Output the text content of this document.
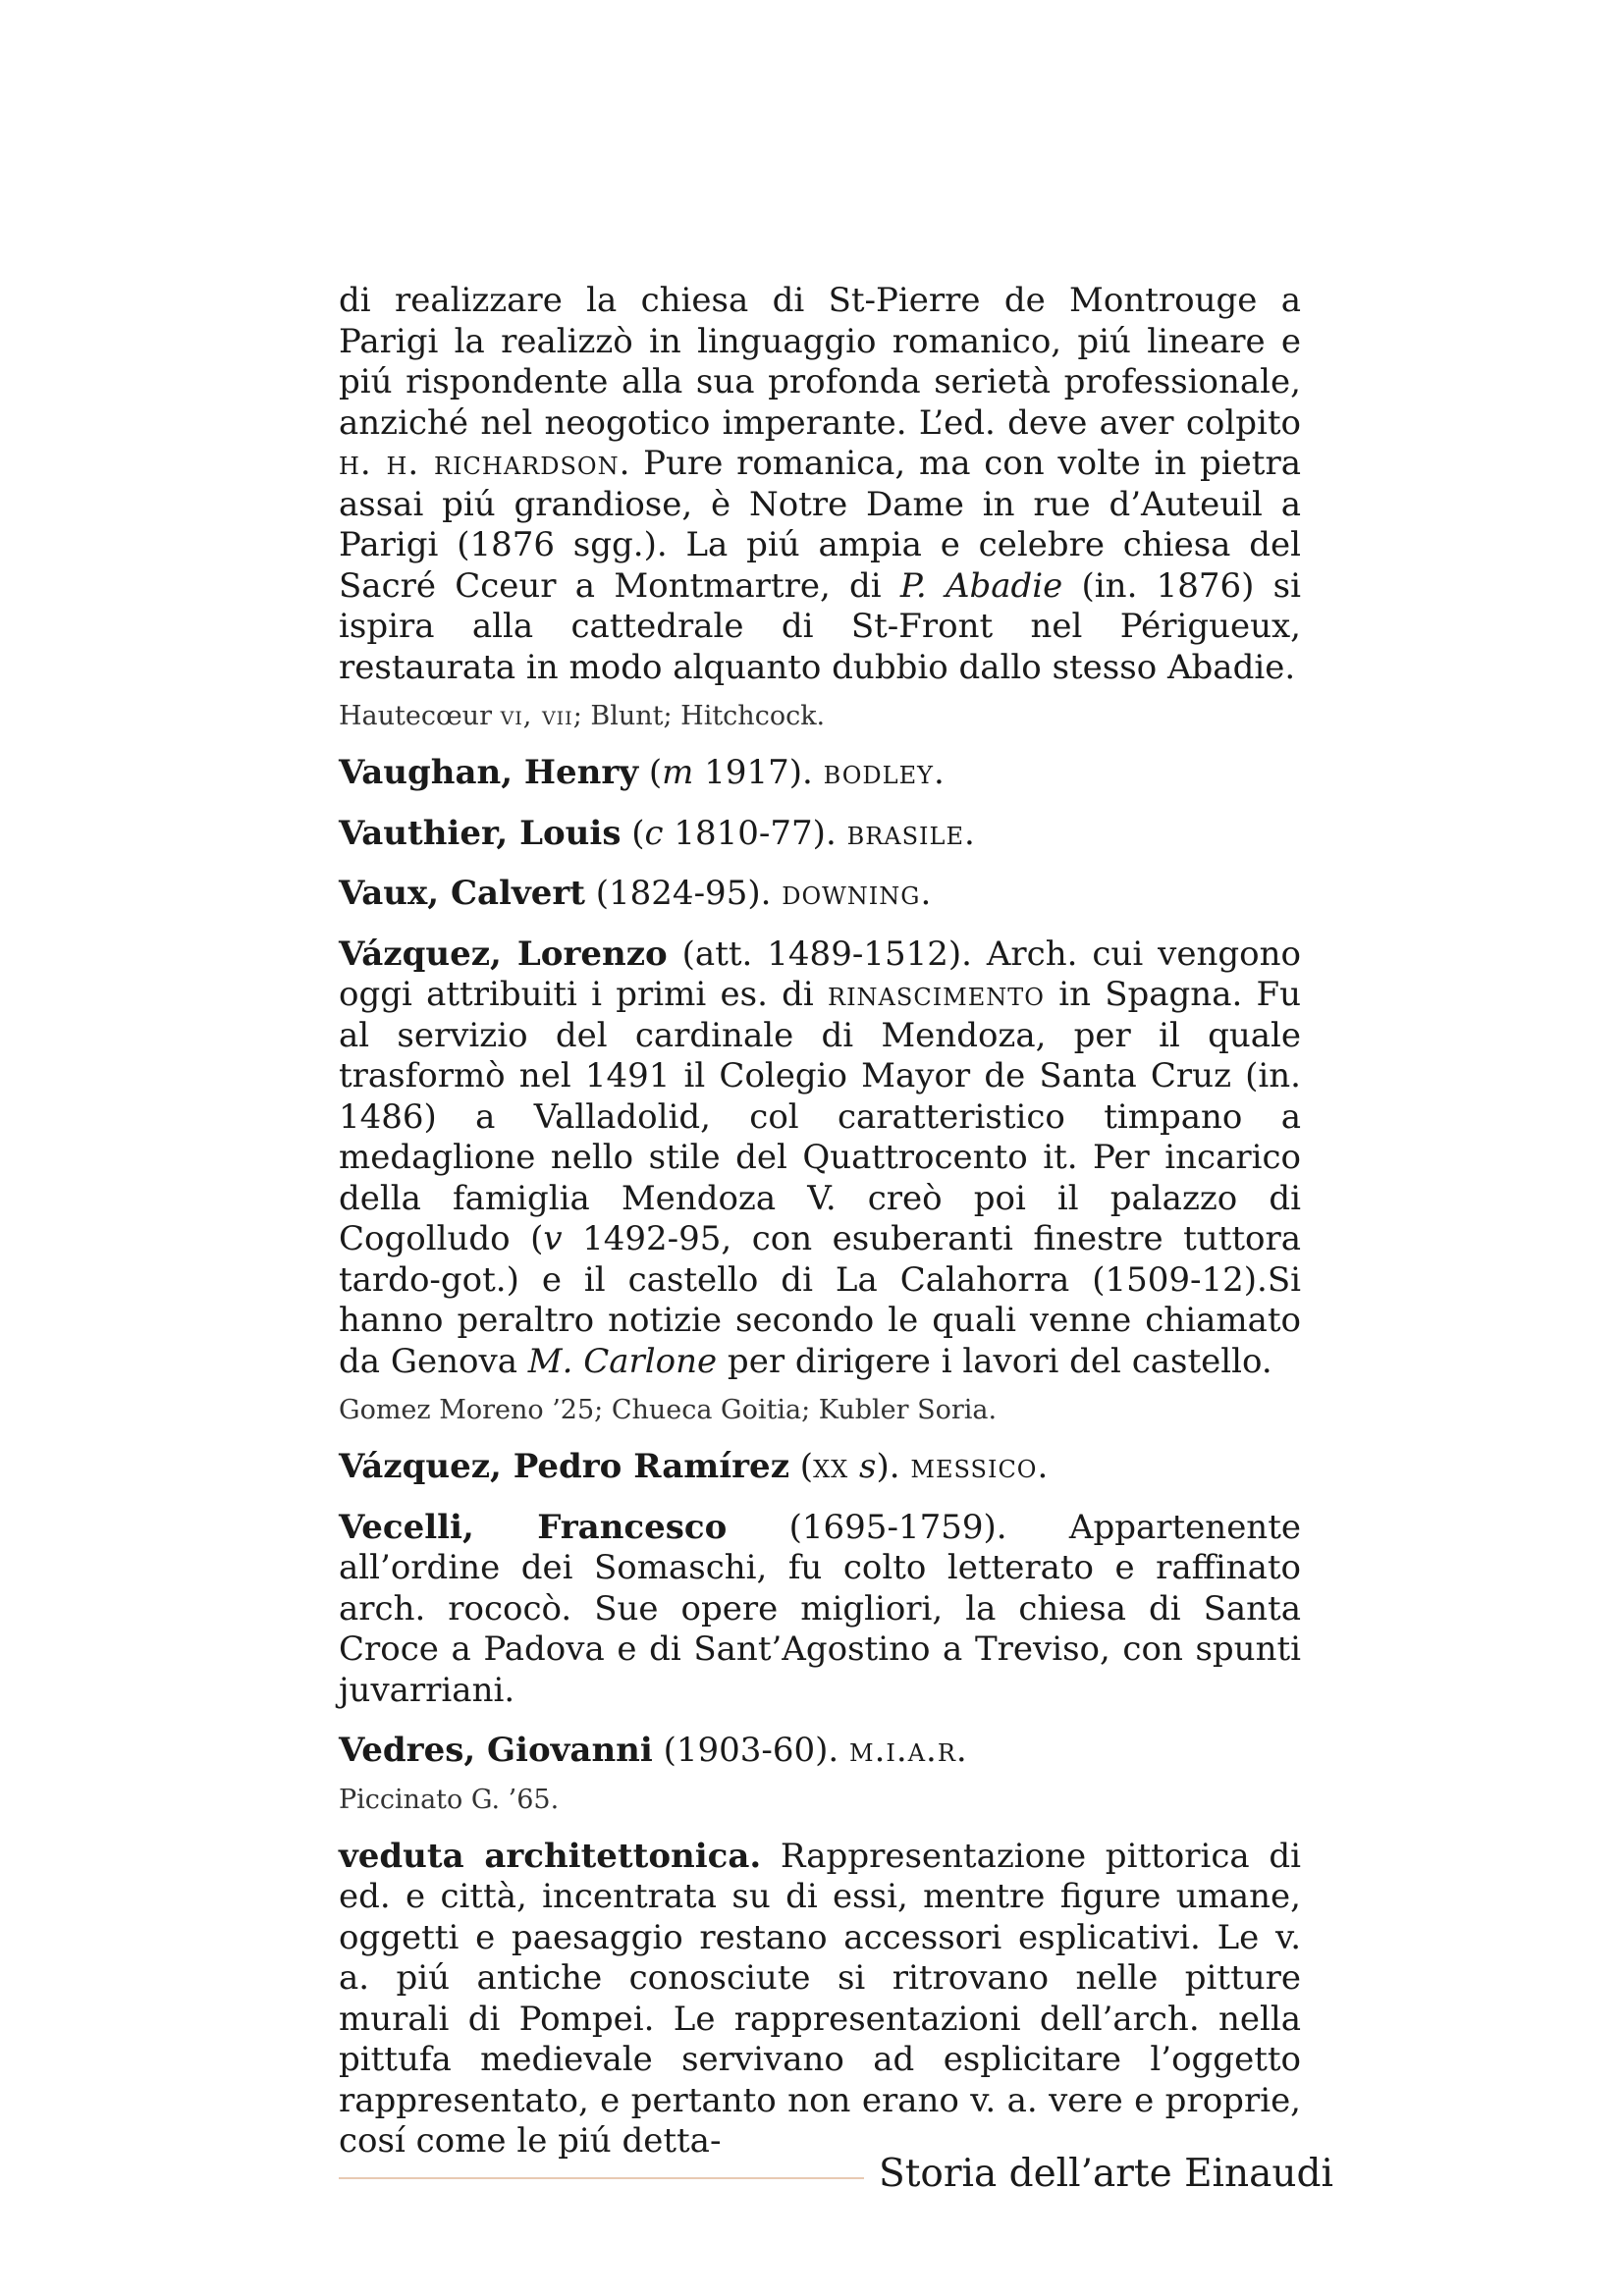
di realizzare la chiesa di St-Pierre de Montrouge a Parigi la realizzò in linguaggio romanico, piú lineare e piú rispondente alla sua profonda serietà professionale, anziché nel neogotico imperante. L’ed. deve aver colpito h. h. richardson. Pure romanica, ma con volte in pietra assai piú grandiose, è Notre Dame in rue d’Auteuil a Parigi (1876 sgg.). La piú ampia e celebre chiesa del Sacré Cceur a Montmartre, di P. Abadie (in. 1876) si ispira alla cattedrale di St-Front nel Périgueux, restaurata in modo alquanto dubbio dallo stesso Abadie.

Hautecœur vi, vii; Blunt; Hitchcock.

Vaughan, Henry (m 1917). bodley.

Vauthier, Louis (c 1810-77). brasile.

Vaux, Calvert (1824-95). downing.

Vázquez, Lorenzo (att. 1489-1512). Arch. cui vengono oggi attribuiti i primi es. di rinascimento in Spagna. Fu al servizio del cardinale di Mendoza, per il quale trasformò nel 1491 il Colegio Mayor de Santa Cruz (in. 1486) a Valladolid, col caratteristico timpano a medaglione nello stile del Quattrocento it. Per incarico della famiglia Mendoza V. creò poi il palazzo di Cogolludo (v 1492-95, con esuberanti finestre tuttora tardo-got.) e il castello di La Calahorra (1509-12).Si hanno peraltro notizie secondo le quali venne chiamato da Genova M. Carlone per dirigere i lavori del castello.

Gomez Moreno ’25; Chueca Goitia; Kubler Soria.

Vázquez, Pedro Ramírez (xx s). messico.

Vecelli, Francesco (1695-1759). Appartenente all’ordine dei Somaschi, fu colto letterato e raffinato arch. rococò. Sue opere migliori, la chiesa di Santa Croce a Padova e di Sant’Agostino a Treviso, con spunti juvarriani.

Vedres, Giovanni (1903-60). m.i.a.r.

Piccinato G. ’65.

veduta architettonica. Rappresentazione pittorica di ed. e città, incentrata su di essi, mentre figure umane, oggetti e paesaggio restano accessori esplicativi. Le v. a. piú antiche conosciute si ritrovano nelle pitture murali di Pompei. Le rappresentazioni dell’arch. nella pittufa medievale servivano ad esplicitare l’oggetto rappresentato, e pertanto non erano v. a. vere e proprie, cosí come le piú detta-

Storia dell’arte Einaudi
